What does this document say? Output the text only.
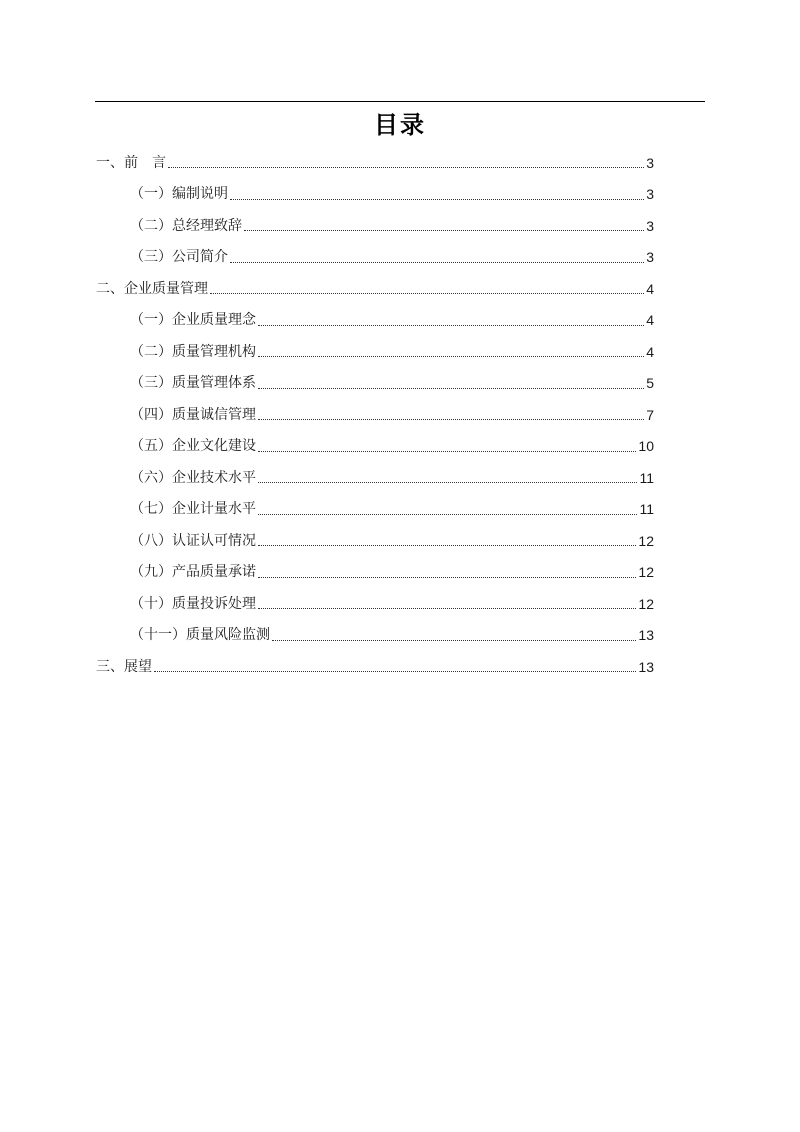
目录
一、前 言	3
（一）编制说明	3
（二）总经理致辞	3
（三）公司简介	3
二、企业质量管理	4
（一）企业质量理念	4
（二）质量管理机构	4
（三）质量管理体系	5
（四）质量诚信管理	7
（五）企业文化建设	10
（六）企业技术水平	11
（七）企业计量水平	11
（八）认证认可情况	12
（九）产品质量承诺	12
（十）质量投诉处理	12
（十一）质量风险监测	13
三、展望	13
